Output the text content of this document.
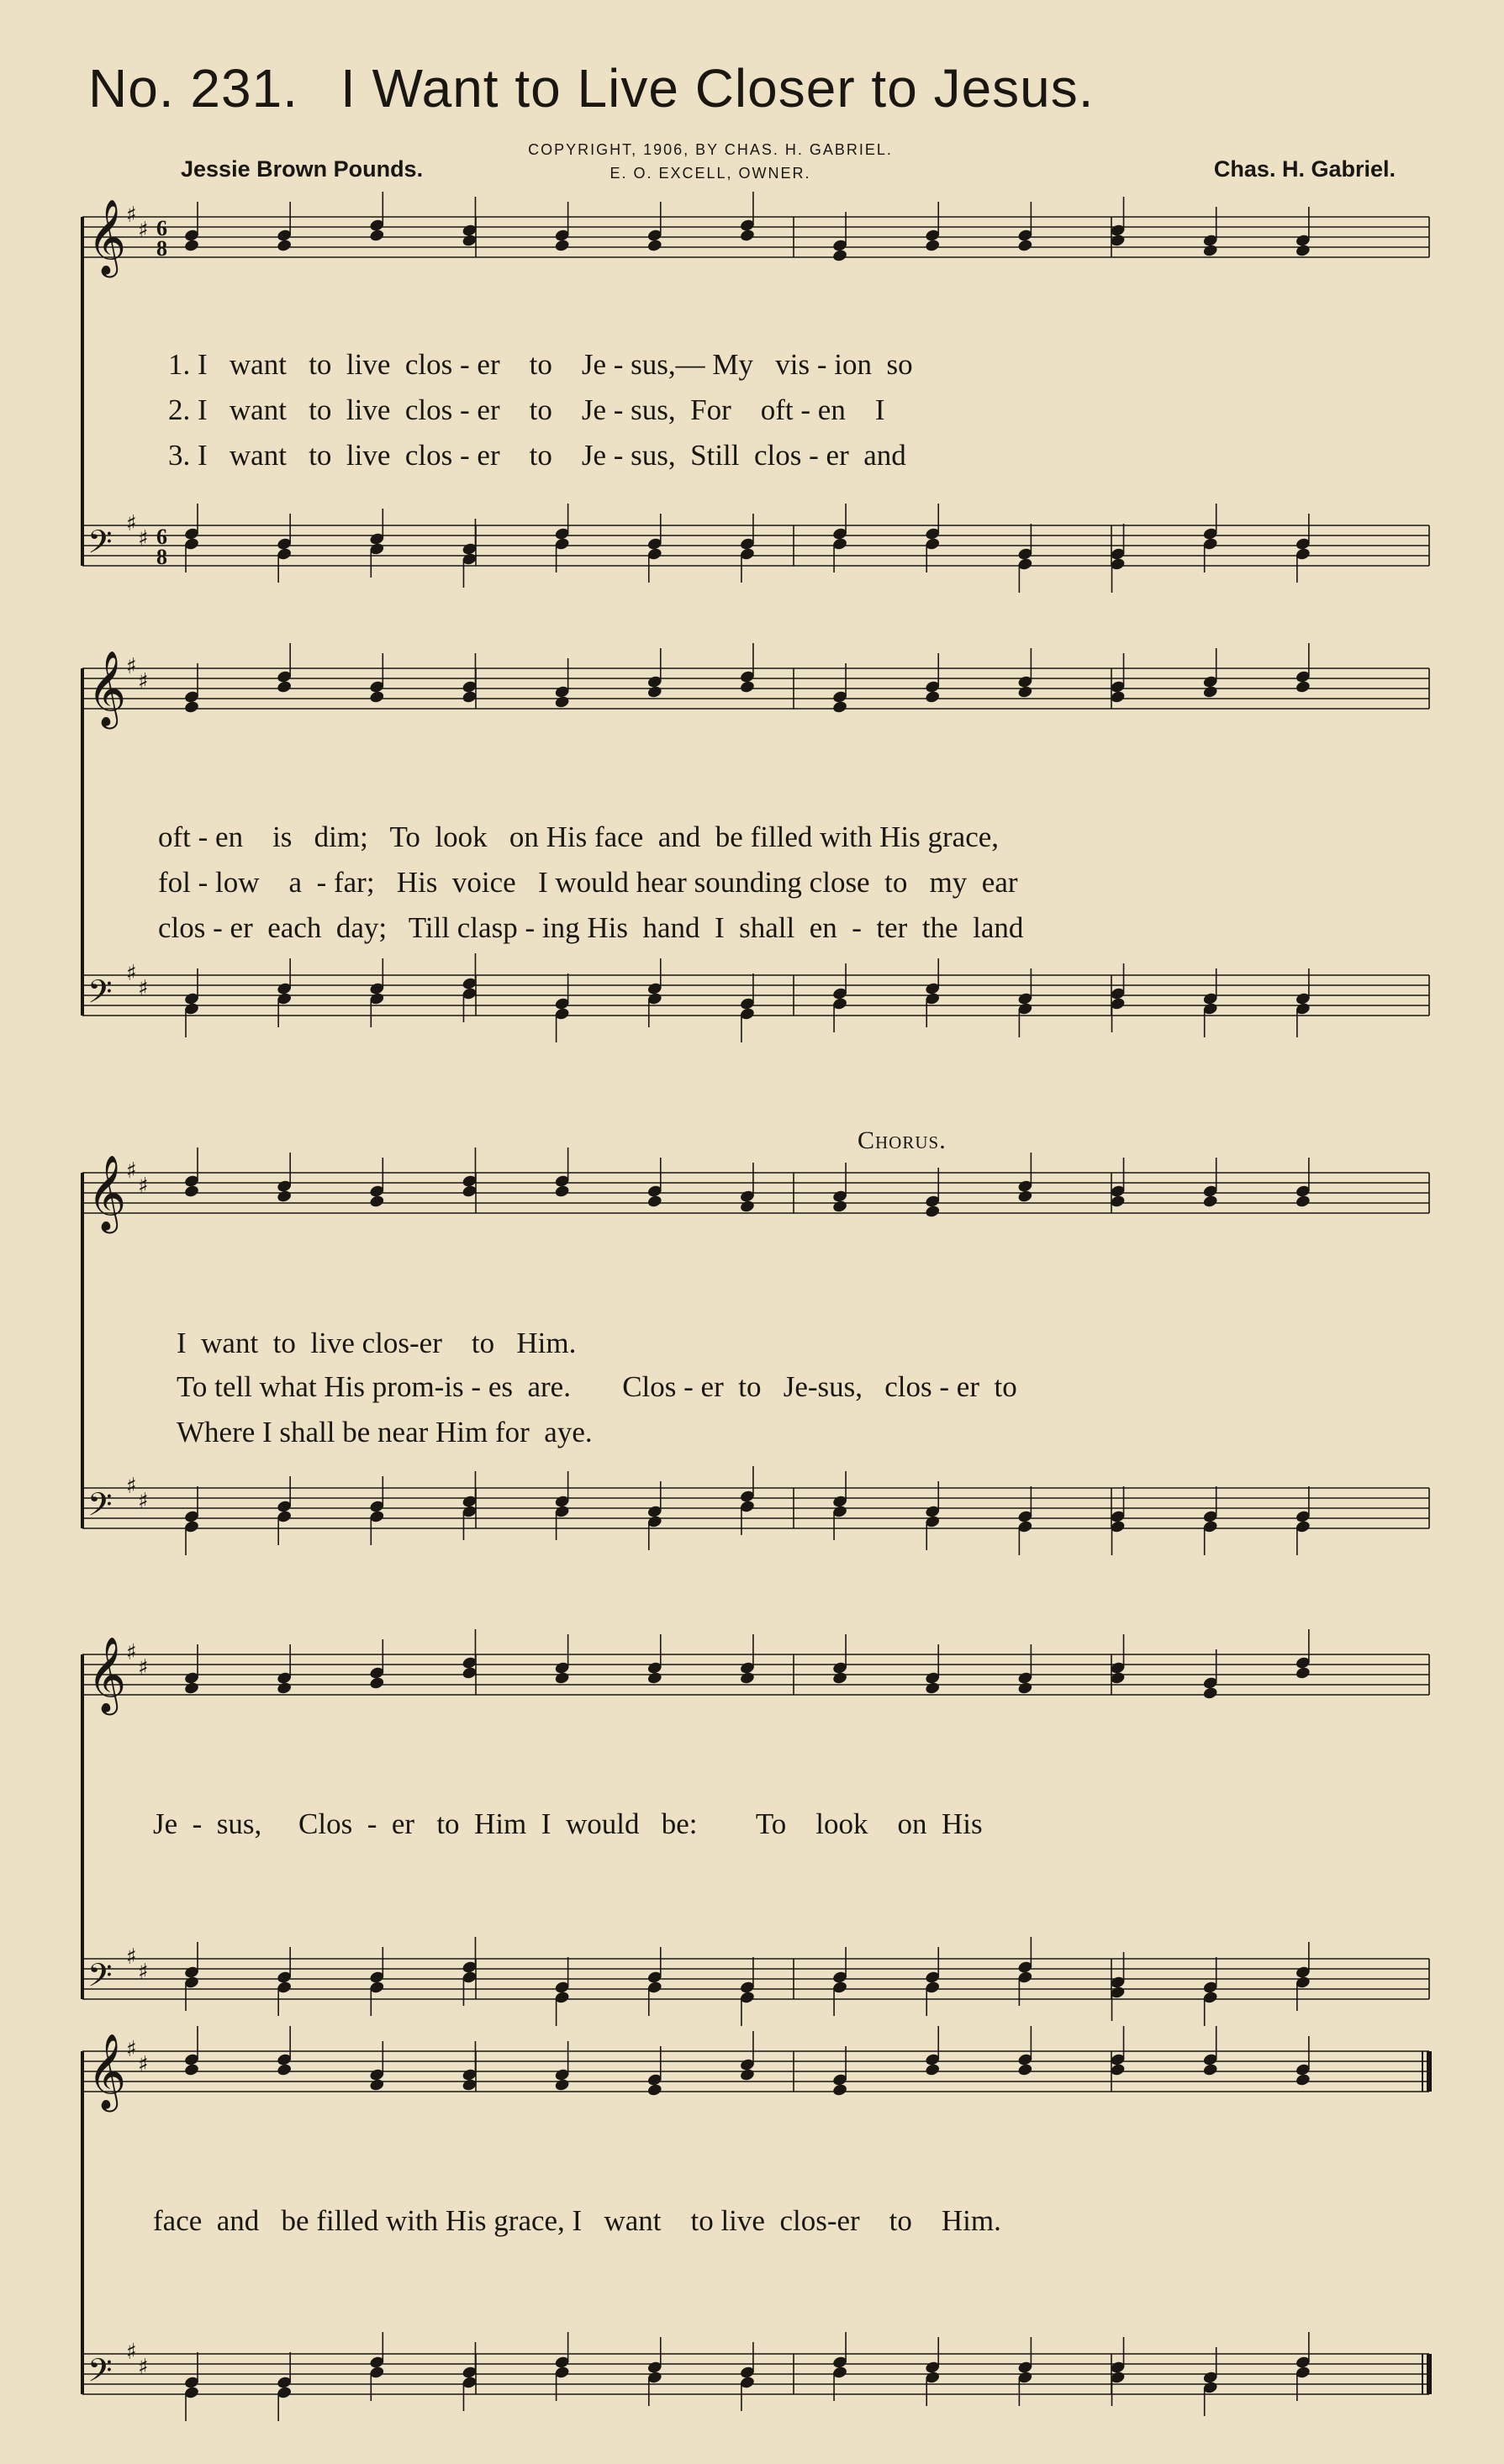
No. 231. I Want to Live Closer to Jesus.
Jessie Brown Pounds.
COPYRIGHT, 1906, BY CHAS. H. GABRIEL.
E. O. EXCELL, OWNER.	Chas. H. Gabriel.
𝄞 ♯
♯
𝄢 ♯
♯
𝄞 ♯
♯
𝄢 ♯
♯
𝄞 ♯
♯
𝄢 ♯
♯
𝄞 ♯
♯
𝄢 ♯
♯
𝄞 ♯
♯
𝄢 ♯
♯
6
8
6
8
Chorus.
1. I   want   to  live  clos - er    to    Je - sus,— My   vis - ion  so
2. I   want   to  live  clos - er    to    Je - sus,  For    oft - en    I
3. I   want   to  live  clos - er    to    Je - sus,  Still  clos - er  and
oft - en    is   dim;   To  look   on His face  and  be filled with His grace,
fol - low    a  - far;   His  voice   I would hear sounding close  to   my  ear
clos - er  each  day;   Till clasp - ing His  hand  I  shall  en  -  ter  the  land
I  want  to  live clos-er    to   Him.
To tell what His prom-is - es  are.       Clos - er  to   Je-sus,   clos - er  to
Where I shall be near Him for  aye.
Je  -  sus,     Clos  -  er   to  Him  I  would   be:        To    look    on  His
face  and   be filled with His grace, I   want    to live  clos-er    to    Him.
